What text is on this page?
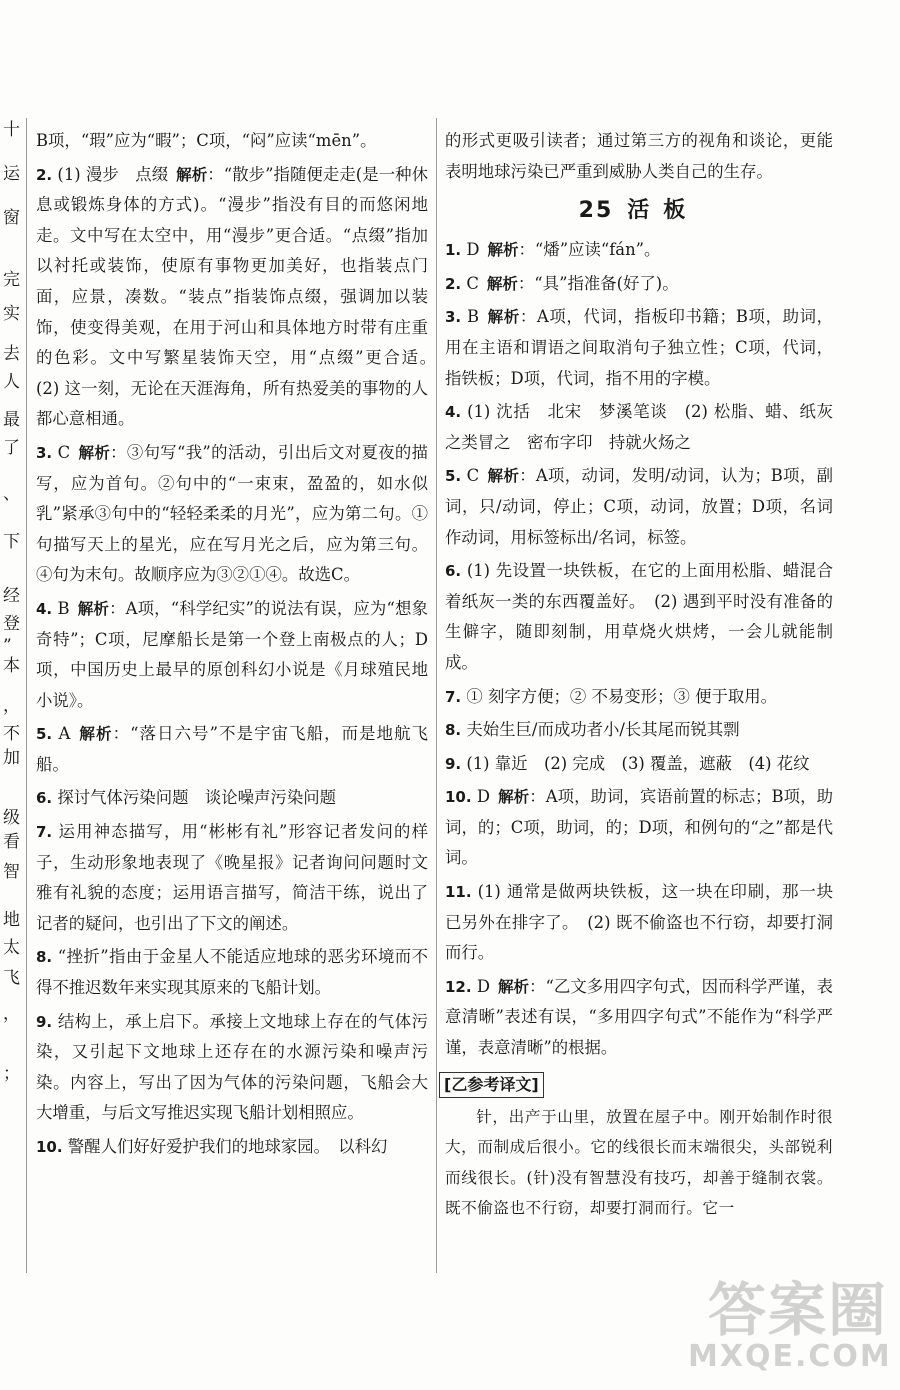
十
运
窗
完
实
去
人
最
了
、
下
经
登
”
本
，
不
加
级
看
智
地
太
飞
，
；

B项，“瑕”应为“暇”；C项，“闷”应读“mēn”。

2. (1) 漫步　点缀 解析：“散步”指随便走走(是一种休息或锻炼身体的方式)。“漫步”指没有目的而悠闲地走。文中写在太空中，用“漫步”更合适。“点缀”指加以衬托或装饰，使原有事物更加美好，也指装点门面，应景，凑数。“装点”指装饰点缀，强调加以装饰，使变得美观，在用于河山和具体地方时带有庄重的色彩。文中写繁星装饰天空，用“点缀”更合适。　(2) 这一刻，无论在天涯海角，所有热爱美的事物的人都心意相通。

3. C 解析：③句写“我”的活动，引出后文对夏夜的描写，应为首句。②句中的“一束束，盈盈的，如水似乳”紧承③句中的“轻轻柔柔的月光”，应为第二句。①句描写天上的星光，应在写月光之后，应为第三句。④句为末句。故顺序应为③②①④。故选C。

4. B 解析：A项，“科学纪实”的说法有误，应为“想象奇特”；C项，尼摩船长是第一个登上南极点的人；D项，中国历史上最早的原创科幻小说是《月球殖民地小说》。

5. A 解析：“落日六号”不是宇宙飞船，而是地航飞船。

6. 探讨气体污染问题　谈论噪声污染问题

7. 运用神态描写，用“彬彬有礼”形容记者发问的样子，生动形象地表现了《晚星报》记者询问问题时文雅有礼貌的态度；运用语言描写，简洁干练，说出了记者的疑问，也引出了下文的阐述。

8. “挫折”指由于金星人不能适应地球的恶劣环境而不得不推迟数年来实现其原来的飞船计划。

9. 结构上，承上启下。承接上文地球上存在的气体污染，又引起下文地球上还存在的水源污染和噪声污染。内容上，写出了因为气体的污染问题，飞船会大大增重，与后文写推迟实现飞船计划相照应。

10. 警醒人们好好爱护我们的地球家园。　以科幻

的形式更吸引读者；通过第三方的视角和谈论，更能表明地球污染已严重到威胁人类自己的生存。

25 活板

1. D 解析：“燔”应读“fán”。

2. C 解析：“具”指准备(好了)。

3. B 解析：A项，代词，指板印书籍；B项，助词，用在主语和谓语之间取消句子独立性；C项，代词，指铁板；D项，代词，指不用的字模。

4. (1) 沈括　北宋　梦溪笔谈　(2) 松脂、蜡、纸灰之类冒之　密布字印　持就火炀之

5. C 解析：A项，动词，发明/动词，认为；B项，副词，只/动词，停止；C项，动词，放置；D项，名词作动词，用标签标出/名词，标签。

6. (1) 先设置一块铁板，在它的上面用松脂、蜡混合着纸灰一类的东西覆盖好。　(2) 遇到平时没有准备的生僻字，随即刻制，用草烧火烘烤，一会儿就能制成。

7. ① 刻字方便；② 不易变形；③ 便于取用。

8. 夫始生巨/而成功者小/长其尾而锐其剽

9. (1) 靠近　(2) 完成　(3) 覆盖，遮蔽　(4) 花纹

10. D 解析：A项，助词，宾语前置的标志；B项，助词，的；C项，助词，的；D项，和例句的“之”都是代词。

11. (1) 通常是做两块铁板，这一块在印刷，那一块已另外在排字了。　(2) 既不偷盗也不行窃，却要打洞而行。

12. D 解析：“乙文多用四字句式，因而科学严谨，表意清晰”表述有误，“多用四字句式”不能作为“科学严谨，表意清晰”的根据。

[乙参考译文]

针，出产于山里，放置在屋子中。刚开始制作时很大，而制成后很小。它的线很长而末端很尖，头部锐利而线很长。(针)没有智慧没有技巧，却善于缝制衣裳。既不偷盗也不行窃，却要打洞而行。它一

答案圈
MXQE.COM
